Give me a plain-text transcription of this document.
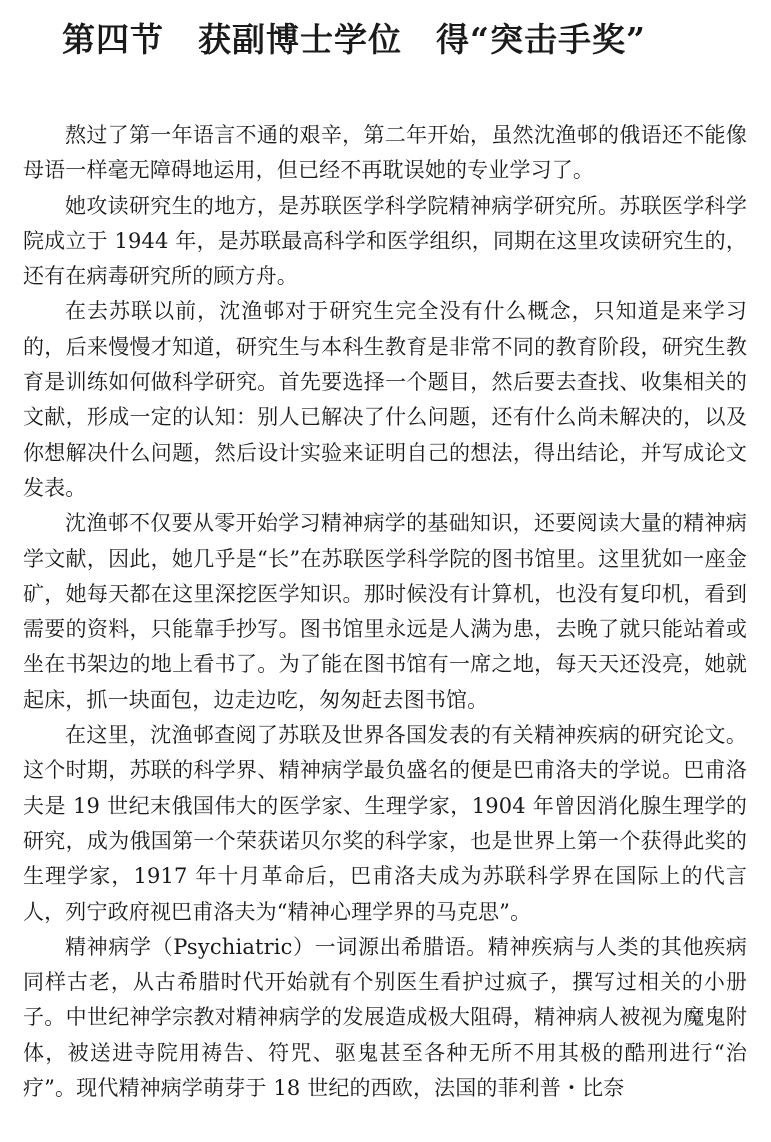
第四节　获副博士学位　得“突击手奖”

熬过了第一年语言不通的艰辛，第二年开始，虽然沈渔邨的俄语还不能像母语一样毫无障碍地运用，但已经不再耽误她的专业学习了。

她攻读研究生的地方，是苏联医学科学院精神病学研究所。苏联医学科学院成立于 1944 年，是苏联最高科学和医学组织，同期在这里攻读研究生的，还有在病毒研究所的顾方舟。

在去苏联以前，沈渔邨对于研究生完全没有什么概念，只知道是来学习的，后来慢慢才知道，研究生与本科生教育是非常不同的教育阶段，研究生教育是训练如何做科学研究。首先要选择一个题目，然后要去查找、收集相关的文献，形成一定的认知：别人已解决了什么问题，还有什么尚未解决的，以及你想解决什么问题，然后设计实验来证明自己的想法，得出结论，并写成论文发表。

沈渔邨不仅要从零开始学习精神病学的基础知识，还要阅读大量的精神病学文献，因此，她几乎是“长”在苏联医学科学院的图书馆里。这里犹如一座金矿，她每天都在这里深挖医学知识。那时候没有计算机，也没有复印机，看到需要的资料，只能靠手抄写。图书馆里永远是人满为患，去晚了就只能站着或坐在书架边的地上看书了。为了能在图书馆有一席之地，每天天还没亮，她就起床，抓一块面包，边走边吃，匆匆赶去图书馆。

在这里，沈渔邨查阅了苏联及世界各国发表的有关精神疾病的研究论文。这个时期，苏联的科学界、精神病学最负盛名的便是巴甫洛夫的学说。巴甫洛夫是 19 世纪末俄国伟大的医学家、生理学家，1904 年曾因消化腺生理学的研究，成为俄国第一个荣获诺贝尔奖的科学家，也是世界上第一个获得此奖的生理学家，1917 年十月革命后，巴甫洛夫成为苏联科学界在国际上的代言人，列宁政府视巴甫洛夫为“精神心理学界的马克思”。

精神病学（Psychiatric）一词源出希腊语。精神疾病与人类的其他疾病同样古老，从古希腊时代开始就有个别医生看护过疯子，撰写过相关的小册子。中世纪神学宗教对精神病学的发展造成极大阻碍，精神病人被视为魔鬼附体，被送进寺院用祷告、符咒、驱鬼甚至各种无所不用其极的酷刑进行“治疗”。现代精神病学萌芽于 18 世纪的西欧，法国的菲利普・比奈
